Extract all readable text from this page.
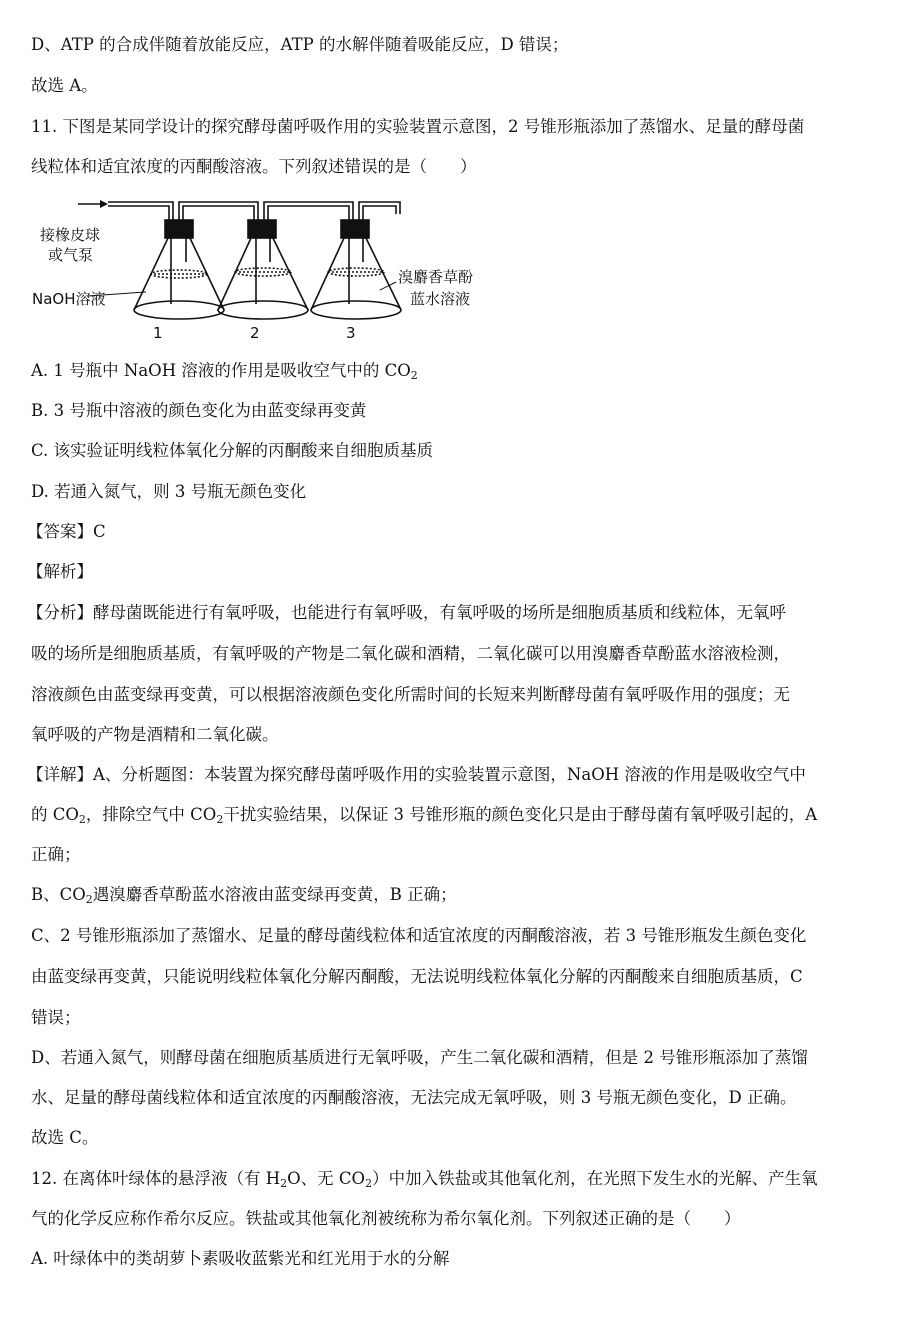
D、ATP 的合成伴随着放能反应，ATP 的水解伴随着吸能反应，D 错误；
故选 A。
11. 下图是某同学设计的探究酵母菌呼吸作用的实验装置示意图，2 号锥形瓶添加了蒸馏水、足量的酵母菌
线粒体和适宜浓度的丙酮酸溶液。下列叙述错误的是（　　）
接橡皮球
或气泵
NaOH溶液
溴麝香草酚
蓝水溶液
1	2	3
A. 1 号瓶中 NaOH 溶液的作用是吸收空气中的 $CO_2$
B. 3 号瓶中溶液的颜色变化为由蓝变绿再变黄
C. 该实验证明线粒体氧化分解的丙酮酸来自细胞质基质
D. 若通入氮气，则 3 号瓶无颜色变化
【答案】C
【解析】
【分析】酵母菌既能进行有氧呼吸，也能进行有氧呼吸，有氧呼吸的场所是细胞质基质和线粒体，无氧呼
吸的场所是细胞质基质，有氧呼吸的产物是二氧化碳和酒精，二氧化碳可以用溴麝香草酚蓝水溶液检测，
溶液颜色由蓝变绿再变黄，可以根据溶液颜色变化所需时间的长短来判断酵母菌有氧呼吸作用的强度；无
氧呼吸的产物是酒精和二氧化碳。
【详解】A、分析题图：本装置为探究酵母菌呼吸作用的实验装置示意图，NaOH 溶液的作用是吸收空气中
的 $CO_2$，排除空气中 $CO_2$干扰实验结果，以保证 3 号锥形瓶的颜色变化只是由于酵母菌有氧呼吸引起的，A
正确；
B、$CO_2$遇溴麝香草酚蓝水溶液由蓝变绿再变黄，B 正确；
C、2 号锥形瓶添加了蒸馏水、足量的酵母菌线粒体和适宜浓度的丙酮酸溶液，若 3 号锥形瓶发生颜色变化
由蓝变绿再变黄，只能说明线粒体氧化分解丙酮酸，无法说明线粒体氧化分解的丙酮酸来自细胞质基质，C
错误；
D、若通入氮气，则酵母菌在细胞质基质进行无氧呼吸，产生二氧化碳和酒精，但是 2 号锥形瓶添加了蒸馏
水、足量的酵母菌线粒体和适宜浓度的丙酮酸溶液，无法完成无氧呼吸，则 3 号瓶无颜色变化，D 正确。
故选 C。
12. 在离体叶绿体的悬浮液（有 $H_2O$、无 $CO_2$）中加入铁盐或其他氧化剂，在光照下发生水的光解、产生氧
气的化学反应称作希尔反应。铁盐或其他氧化剂被统称为希尔氧化剂。下列叙述正确的是（　　）
A. 叶绿体中的类胡萝卜素吸收蓝紫光和红光用于水的分解
